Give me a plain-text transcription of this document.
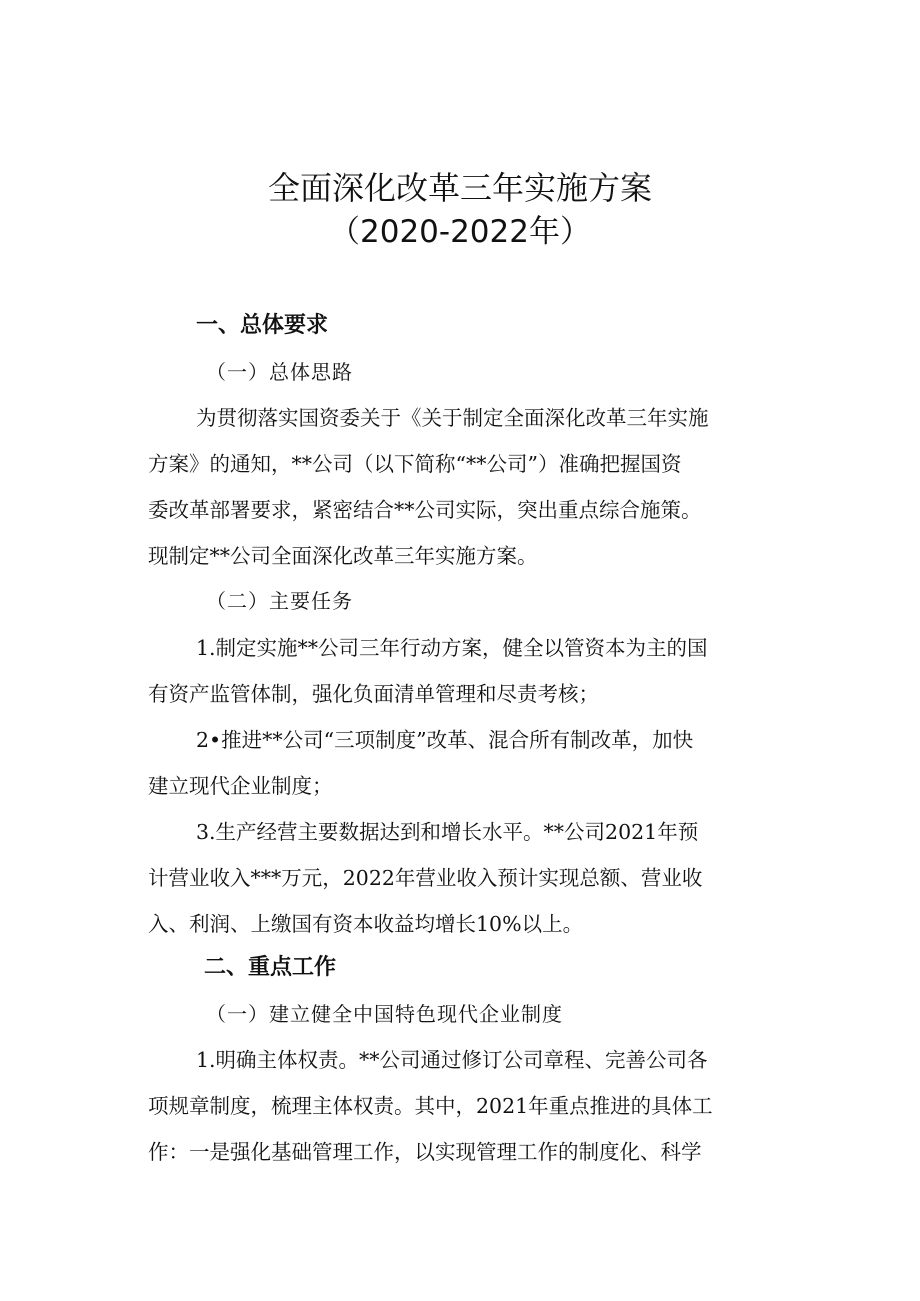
全面深化改革三年实施方案
（2020-2022年）
一、总体要求
（一）总体思路
为贯彻落实国资委关于《关于制定全面深化改革三年实施
方案》的通知，**公司（以下简称“**公司”）准确把握国资
委改革部署要求，紧密结合**公司实际，突出重点综合施策。
现制定**公司全面深化改革三年实施方案。
（二）主要任务
1.制定实施**公司三年行动方案，健全以管资本为主的国
有资产监管体制，强化负面清单管理和尽责考核；
2•推进**公司“三项制度”改革、混合所有制改革，加快
建立现代企业制度；
3.生产经营主要数据达到和增长水平。**公司2021年预
计营业收入***万元，2022年营业收入预计实现总额、营业收
入、利润、上缴国有资本收益均增长10%以上。
二、重点工作
（一）建立健全中国特色现代企业制度
1.明确主体权责。**公司通过修订公司章程、完善公司各
项规章制度，梳理主体权责。其中，2021年重点推进的具体工
作：一是强化基础管理工作，以实现管理工作的制度化、科学
